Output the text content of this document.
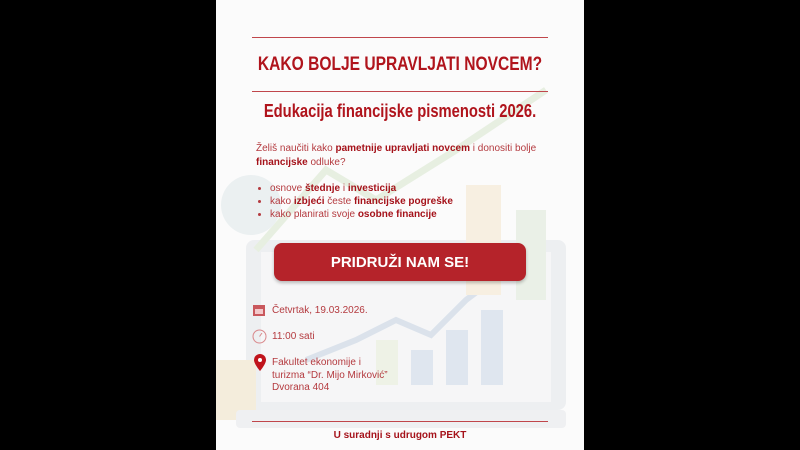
KAKO BOLJE UPRAVLJATI NOVCEM?
Edukacija financijske pismenosti 2026.
Želiš naučiti kako pametnije upravljati novcem i donositi bolje financijske odluke?
• osnove štednje i investicija
• kako izbjeći česte financijske pogreške
• kako planirati svoje osobne financije
PRIDRUŽI NAM SE!
Četvrtak, 19.03.2026.
11:00 sati
Fakultet ekonomije i
turizma “Dr. Mijo Mirković”
Dvorana 404
U suradnji s udrugom PEKT
